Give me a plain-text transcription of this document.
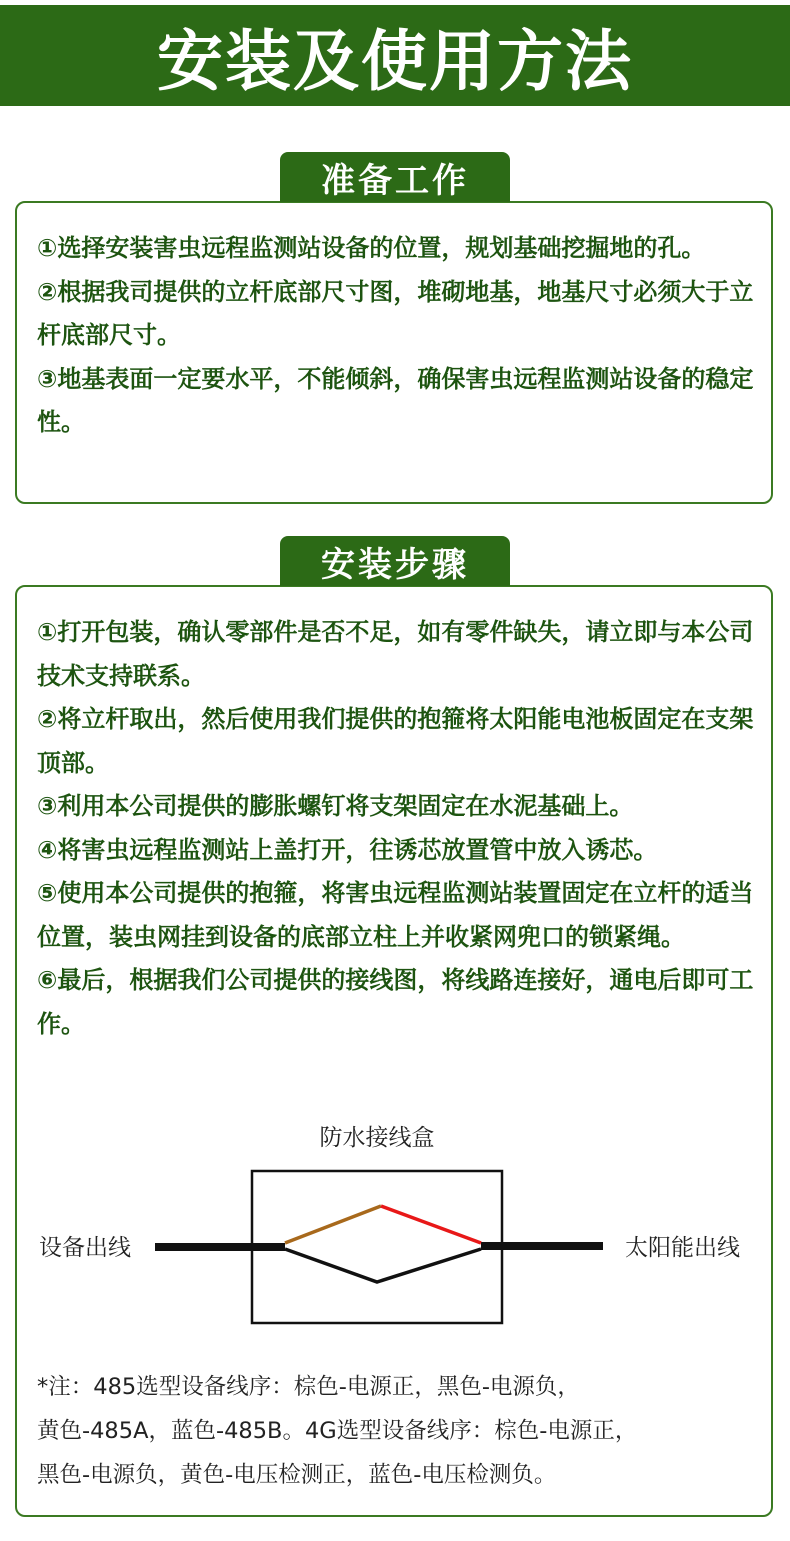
安装及使用方法

①选择安装害虫远程监测站设备的位置，规划基础挖掘地的孔。

②根据我司提供的立杆底部尺寸图，堆砌地基，地基尺寸必须大于立杆底部尺寸。

③地基表面一定要水平，不能倾斜，确保害虫远程监测站设备的稳定性。

准备工作

①打开包装，确认零部件是否不足，如有零件缺失，请立即与本公司技术支持联系。

②将立杆取出，然后使用我们提供的抱箍将太阳能电池板固定在支架顶部。

③利用本公司提供的膨胀螺钉将支架固定在水泥基础上。

④将害虫远程监测站上盖打开，往诱芯放置管中放入诱芯。

⑤使用本公司提供的抱箍，将害虫远程监测站装置固定在立杆的适当位置，装虫网挂到设备的底部立柱上并收紧网兜口的锁紧绳。

⑥最后，根据我们公司提供的接线图，将线路连接好，通电后即可工作。

防水接线盒
设备出线	太阳能出线

*注：485选型设备线序：棕色-电源正，黑色-电源负，

黄色-485A，蓝色-485B。4G选型设备线序：棕色-电源正，

黑色-电源负，黄色-电压检测正，蓝色-电压检测负。

安装步骤
